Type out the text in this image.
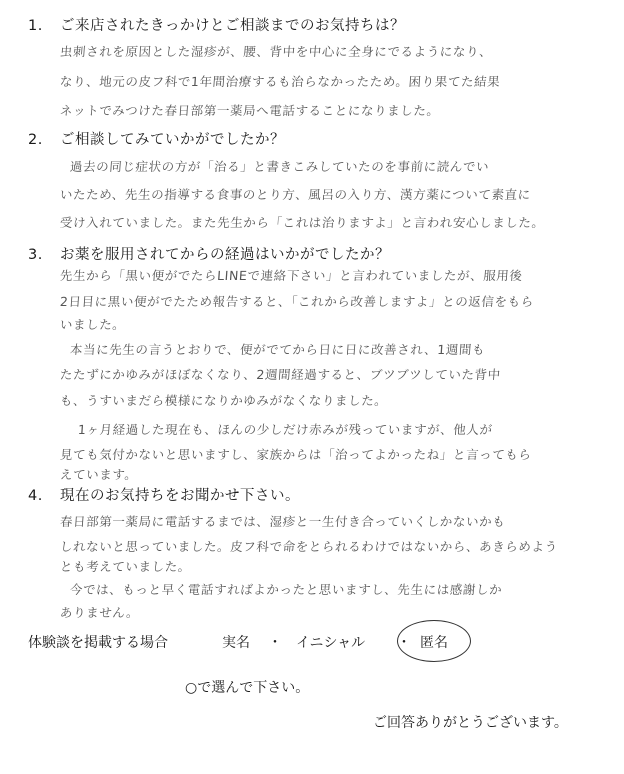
1. ご来店されたきっかけとご相談までのお気持ちは？
虫刺されを原因とした湿疹が、腰、背中を中心に全身にでるようになり、
なり、地元の皮フ科で1年間治療するも治らなかったため。困り果てた結果
ネットでみつけた春日部第一薬局へ電話することになりました。
2. ご相談してみていかがでしたか？
過去の同じ症状の方が「治る」と書きこみしていたのを事前に読んでい
いたため、先生の指導する食事のとり方、風呂の入り方、漢方薬について素直に
受け入れていました。また先生から「これは治りますよ」と言われ安心しました。
3. お薬を服用されてからの経過はいかがでしたか？
先生から「黒い便がでたらLINEで連絡下さい」と言われていましたが、服用後
2日目に黒い便がでたため報告すると、「これから改善しますよ」との返信をもら
いました。
本当に先生の言うとおりで、便がでてから日に日に改善され、1週間も
たたずにかゆみがほぼなくなり、2週間経過すると、ブツブツしていた背中
も、うすいまだら模様になりかゆみがなくなりました。
1ヶ月経過した現在も、ほんの少しだけ赤みが残っていますが、他人が
見ても気付かないと思いますし、家族からは「治ってよかったね」と言ってもら
えています。
4. 現在のお気持ちをお聞かせ下さい。
春日部第一薬局に電話するまでは、湿疹と一生付き合っていくしかないかも
しれないと思っていました。皮フ科で命をとられるわけではないから、あきらめよう
とも考えていました。
今では、もっと早く電話すればよかったと思いますし、先生には感謝しか
ありません。
体験談を掲載する場合	実名 ・ イニシャル ・ 匿名
○で選んで下さい。
ご回答ありがとうございます。
